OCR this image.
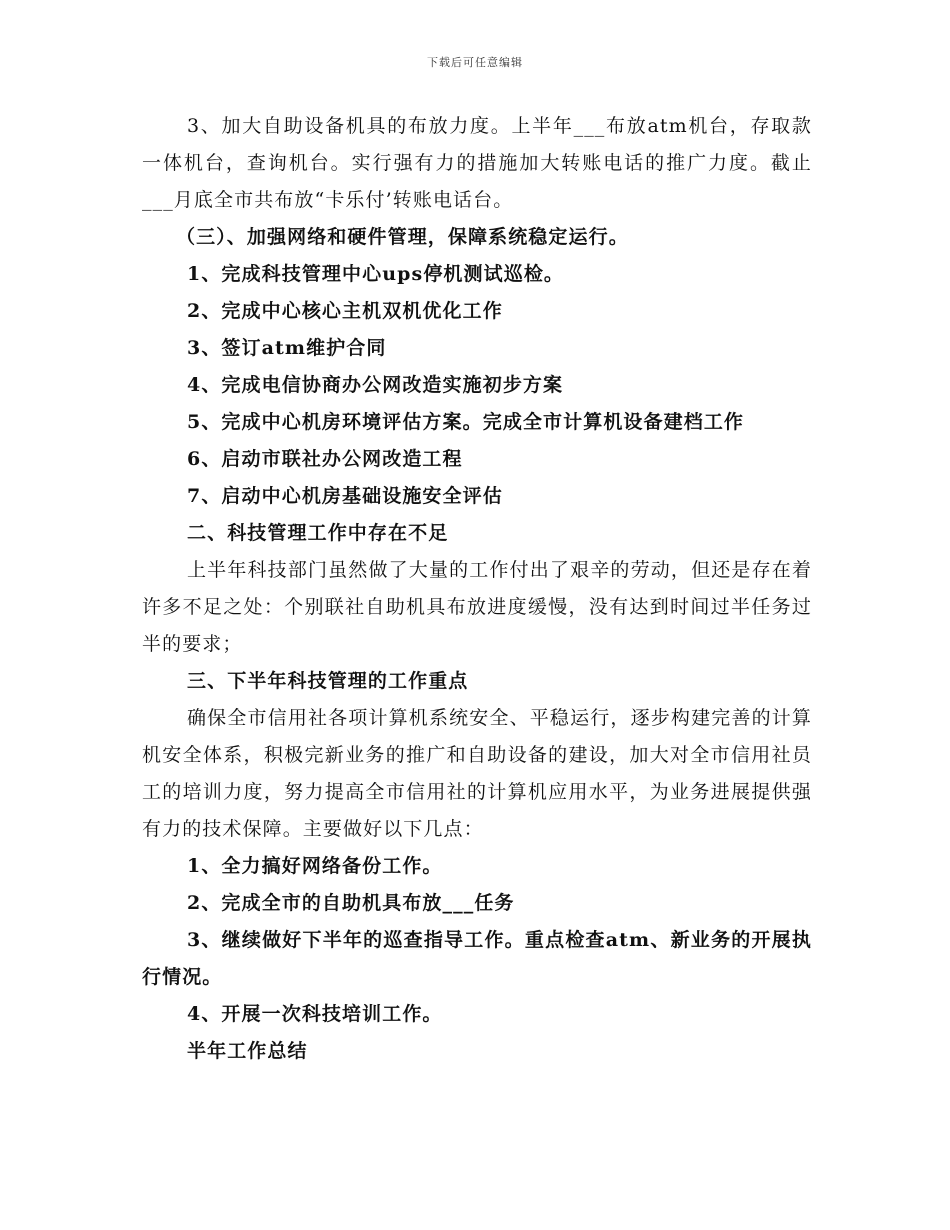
下载后可任意编辑

3、加大自助设备机具的布放力度。上半年___布放atm机台，存取款一体机台，查询机台。实行强有力的措施加大转账电话的推广力度。截止___月底全市共布放“卡乐付’转账电话台。

（三）、加强网络和硬件管理，保障系统稳定运行。

1、完成科技管理中心ups停机测试巡检。

2、完成中心核心主机双机优化工作

3、签订atm维护合同

4、完成电信协商办公网改造实施初步方案

5、完成中心机房环境评估方案。完成全市计算机设备建档工作

6、启动市联社办公网改造工程

7、启动中心机房基础设施安全评估

二、科技管理工作中存在不足

上半年科技部门虽然做了大量的工作付出了艰辛的劳动，但还是存在着许多不足之处：个别联社自助机具布放进度缓慢，没有达到时间过半任务过半的要求；

三、下半年科技管理的工作重点

确保全市信用社各项计算机系统安全、平稳运行，逐步构建完善的计算机安全体系，积极完新业务的推广和自助设备的建设，加大对全市信用社员工的培训力度，努力提高全市信用社的计算机应用水平，为业务进展提供强有力的技术保障。主要做好以下几点：

1、全力搞好网络备份工作。

2、完成全市的自助机具布放___任务

3、继续做好下半年的巡查指导工作。重点检查atm、新业务的开展执行情况。

4、开展一次科技培训工作。

半年工作总结
